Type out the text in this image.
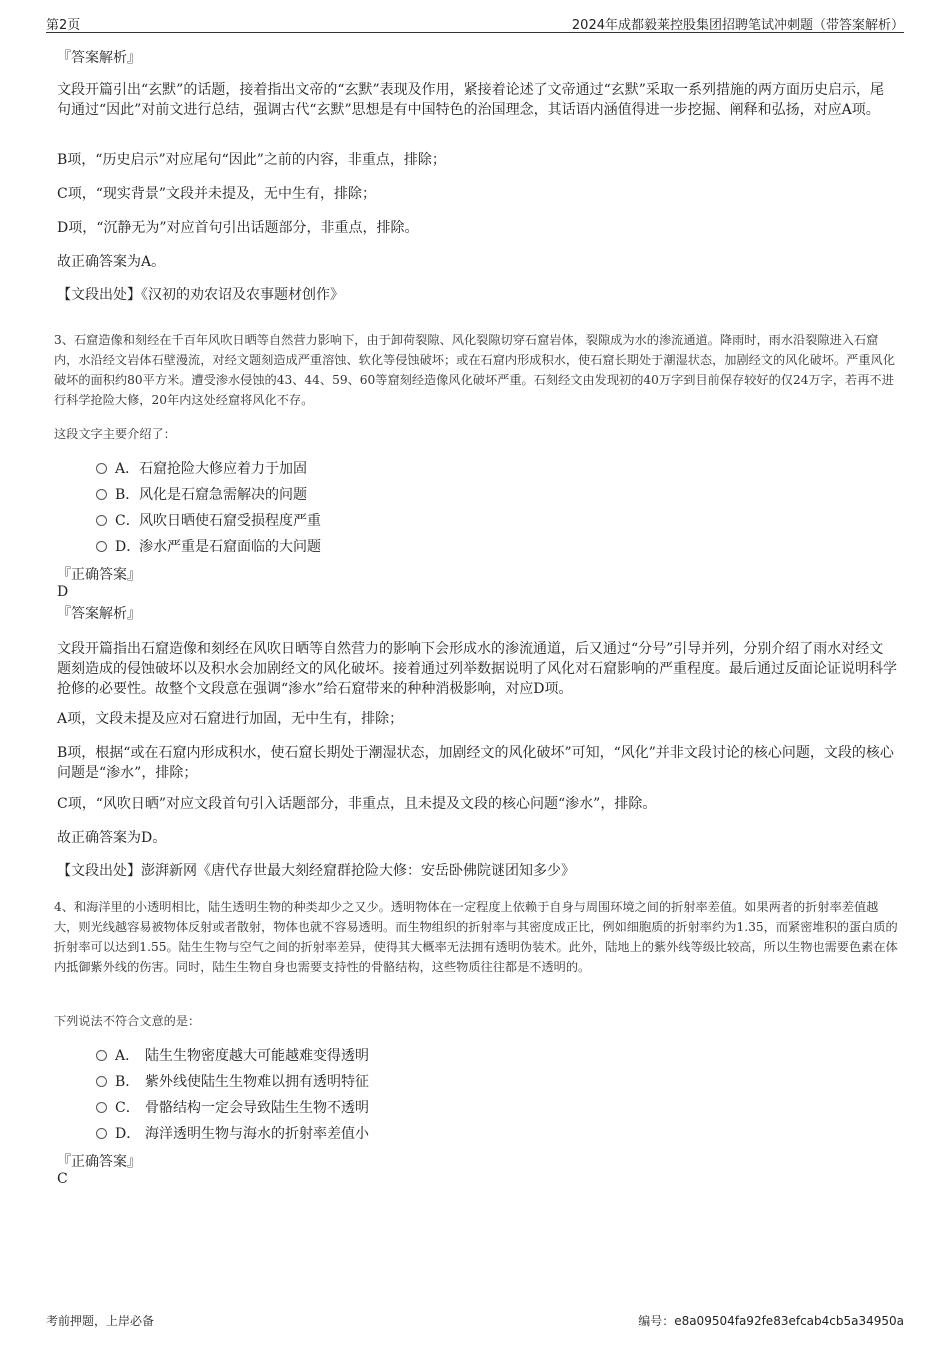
第2页	2024年成都毅莱控股集团招聘笔试冲刺题（带答案解析）
『答案解析』
文段开篇引出“玄默”的话题，接着指出文帝的“玄默”表现及作用，紧接着论述了文帝通过“玄默”采取一系列措施的两方面历史启示，尾句通过“因此”对前文进行总结，强调古代“玄默”思想是有中国特色的治国理念，其话语内涵值得进一步挖掘、阐释和弘扬，对应A项。
B项，“历史启示”对应尾句“因此”之前的内容，非重点，排除；
C项，“现实背景”文段并未提及，无中生有，排除；
D项，“沉静无为”对应首句引出话题部分，非重点，排除。
故正确答案为A。
【文段出处】《汉初的劝农诏及农事题材创作》
3、石窟造像和刻经在千百年风吹日晒等自然营力影响下，由于卸荷裂隙、风化裂隙切穿石窟岩体，裂隙成为水的渗流通道。降雨时，雨水沿裂隙进入石窟内，水沿经文岩体石壁漫流，对经文题刻造成严重溶蚀、软化等侵蚀破坏；或在石窟内形成积水，使石窟长期处于潮湿状态，加剧经文的风化破坏。严重风化破坏的面积约80平方米。遭受渗水侵蚀的43、44、59、60等窟刻经造像风化破坏严重。石刻经文由发现初的40万字到目前保存较好的仅24万字，若再不进行科学抢险大修，20年内这处经窟将风化不存。
这段文字主要介绍了：
A．石窟抢险大修应着力于加固
B．风化是石窟急需解决的问题
C．风吹日晒使石窟受损程度严重
D．渗水严重是石窟面临的大问题
『正确答案』
D
『答案解析』
文段开篇指出石窟造像和刻经在风吹日晒等自然营力的影响下会形成水的渗流通道，后又通过“分号”引导并列，分别介绍了雨水对经文题刻造成的侵蚀破坏以及积水会加剧经文的风化破坏。接着通过列举数据说明了风化对石窟影响的严重程度。最后通过反面论证说明科学抢修的必要性。故整个文段意在强调“渗水”给石窟带来的种种消极影响，对应D项。
A项，文段未提及应对石窟进行加固，无中生有，排除；
B项，根据“或在石窟内形成积水，使石窟长期处于潮湿状态，加剧经文的风化破坏”可知，“风化”并非文段讨论的核心问题，文段的核心问题是“渗水”，排除；
C项，“风吹日晒”对应文段首句引入话题部分，非重点，且未提及文段的核心问题“渗水”，排除。
故正确答案为D。
【文段出处】澎湃新网《唐代存世最大刻经窟群抢险大修：安岳卧佛院谜团知多少》
4、和海洋里的小透明相比，陆生透明生物的种类却少之又少。透明物体在一定程度上依赖于自身与周围环境之间的折射率差值。如果两者的折射率差值越大，则光线越容易被物体反射或者散射，物体也就不容易透明。而生物组织的折射率与其密度成正比，例如细胞质的折射率约为1.35，而紧密堆积的蛋白质的折射率可以达到1.55。陆生生物与空气之间的折射率差异，使得其大概率无法拥有透明伪装术。此外，陆地上的紫外线等级比较高，所以生物也需要色素在体内抵御紫外线的伤害。同时，陆生生物自身也需要支持性的骨骼结构，这些物质往往都是不透明的。
下列说法不符合文意的是：
A． 陆生生物密度越大可能越难变得透明
B． 紫外线使陆生生物难以拥有透明特征
C． 骨骼结构一定会导致陆生生物不透明
D． 海洋透明生物与海水的折射率差值小
『正确答案』
C
考前押题，上岸必备	编号：e8a09504fa92fe83efcab4cb5a34950a
